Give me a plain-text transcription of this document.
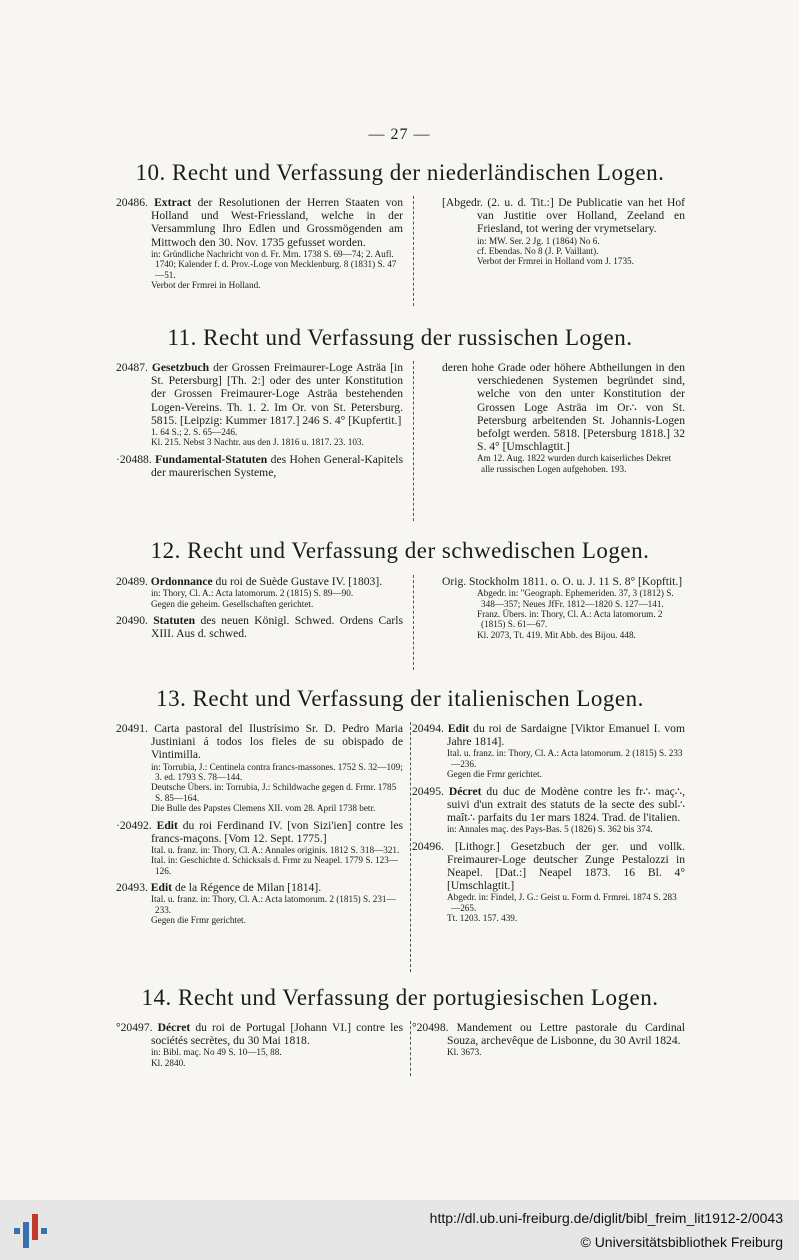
— 27 —
10. Recht und Verfassung der niederländischen Logen.
20486. Extract der Resolutionen der Herren Staaten von Holland und West-Friessland, welche in der Versammlung Ihro Edlen und Grossmögenden am Mittwoch den 30. Nov. 1735 gefusset worden.
in: Gründliche Nachricht von d. Fr. Mrn. 1738 S. 69—74; 2. Aufl. 1740; Kalender f. d. Prov.-Loge von Mecklenburg. 8 (1831) S. 47—51.
Verbot der Frmrei in Holland.
[Abgedr. (2. u. d. Tit.:] De Publicatie van het Hof van Justitie over Holland, Zeeland en Friesland, tot wering der vrymetselary.
in: MW. Ser. 2 Jg. 1 (1864) No 6.
cf. Ebendas. No 8 (J. P. Vaillant).
Verbot der Frmrei in Holland vom J. 1735.
11. Recht und Verfassung der russischen Logen.
20487. Gesetzbuch der Grossen Freimaurer-Loge Asträa [in St. Petersburg] [Th. 2:] oder des unter Konstitution der Grossen Freimaurer-Loge Asträa bestehenden Logen-Vereins. Th. 1. 2. Im Or. von St. Petersburg. 5815. [Leipzig: Kummer 1817.] 246 S. 4° [Kupfertit.]
1. 64 S.; 2. S. 65—246.
Kl. 215. Nebst 3 Nachtr. aus den J. 1816 u. 1817. 23. 103.
·20488. Fundamental-Statuten des Hohen General-Kapitels der maurerischen Systeme,
deren hohe Grade oder höhere Abtheilungen in den verschiedenen Systemen begründet sind, welche von den unter Konstitution der Grossen Loge Asträa im Or∴ von St. Petersburg arbeitenden St. Johannis-Logen befolgt werden. 5818. [Petersburg 1818.] 32 S. 4° [Umschlagtit.]
Am 12. Aug. 1822 wurden durch kaiserliches Dekret alle russischen Logen aufgehoben. 193.
12. Recht und Verfassung der schwedischen Logen.
20489. Ordonnance du roi de Suède Gustave IV. [1803].
in: Thory, Cl. A.: Acta latomorum. 2 (1815) S. 89—90.
Gegen die geheim. Gesellschaften gerichtet.
20490. Statuten des neuen Königl. Schwed. Ordens Carls XIII. Aus d. schwed.
Orig. Stockholm 1811. o. O. u. J. 11 S. 8° [Kopftit.]
Abgedr. in: "Geograph. Ephemeriden. 37, 3 (1812) S. 348—357; Neues JfFr. 1812—1820 S. 127—141.
Franz. Übers. in: Thory, Cl. A.: Acta latomorum. 2 (1815) S. 61—67.
Kl. 2073, Tt. 419. Mit Abb. des Bijou. 448.
13. Recht und Verfassung der italienischen Logen.
20491. Carta pastoral del Ilustrísimo Sr. D. Pedro Maria Justiniani á todos los fieles de su obispado de Vintimilla.
in: Torrubia, J.: Centinela contra francs-massones. 1752 S. 32—109; 3. ed. 1793 S. 78—144.
Deutsche Übers. in: Torrubia, J.: Schildwache gegen d. Frmr. 1785 S. 85—164.
Die Bulle des Papstes Clemens XII. vom 28. April 1738 betr.
·20492. Edit du roi Ferdinand IV. [von Sizi'ien] contre les francs-maçons. [Vom 12. Sept. 1775.]
Ital. u. franz. in: Thory, Cl. A.: Annales originis. 1812 S. 318—321.
Ital. in: Geschichte d. Schicksals d. Frmr zu Neapel. 1779 S. 123—126.
20493. Edit de la Régence de Milan [1814].
Ital. u. franz. in: Thory, Cl. A.: Acta latomorum. 2 (1815) S. 231—233.
Gegen die Frmr gerichtet.
20494. Edit du roi de Sardaigne [Viktor Emanuel I. vom Jahre 1814].
Ital. u. franz. in: Thory, Cl. A.: Acta latomorum. 2 (1815) S. 233—236.
Gegen die Frmr gerichtet.
20495. Décret du duc de Modène contre les fr∴ maç∴, suivi d'un extrait des statuts de la secte des subl∴ maît∴ parfaits du 1er mars 1824. Trad. de l'italien.
in: Annales maç. des Pays-Bas. 5 (1826) S. 362 bis 374.
20496. [Lithogr.] Gesetzbuch der ger. und vollk. Freimaurer-Loge deutscher Zunge Pestalozzi in Neapel. [Dat.:] Neapel 1873. 16 Bl. 4° [Umschlagtit.]
Abgedr. in: Findel, J. G.: Geist u. Form d. Frmrei. 1874 S. 283—265.
Tt. 1203. 157. 439.
14. Recht und Verfassung der portugiesischen Logen.
°20497. Décret du roi de Portugal [Johann VI.] contre les sociétés secrètes, du 30 Mai 1818.
in: Bibl. maç. No 49 S. 10—15, 88.
Kl. 2840.
°20498. Mandement ou Lettre pastorale du Cardinal Souza, archevêque de Lisbonne, du 30 Avril 1824.
Kl. 3673.
http://dl.ub.uni-freiburg.de/diglit/bibl_freim_lit1912-2/0043
© Universitätsbibliothek Freiburg
